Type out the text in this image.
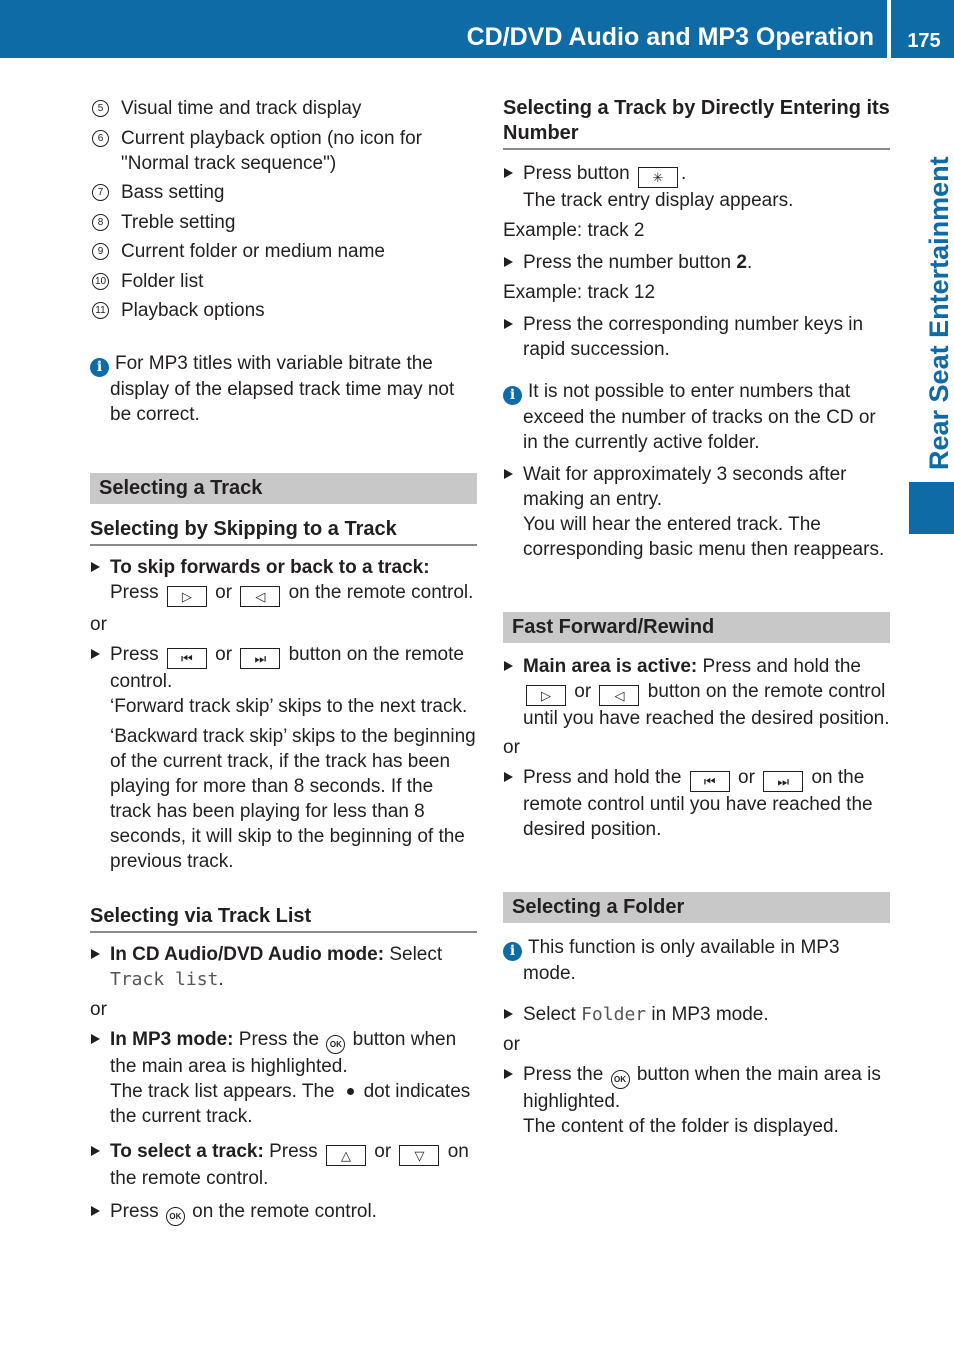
CD/DVD Audio and MP3 Operation	175
Rear Seat Entertainment
5 Visual time and track display
6 Current playback option (no icon for "Normal track sequence")
7 Bass setting
8 Treble setting
9 Current folder or medium name
10 Folder list
11 Playback options
i For MP3 titles with variable bitrate the display of the elapsed track time may not be correct.
Selecting a Track
Selecting by Skipping to a Track
To skip forwards or back to a track:
Press ▷ or ◁ on the remote control.
or
Press ⏮ or ⏭ button on the remote control.
‘Forward track skip’ skips to the next track.
‘Backward track skip’ skips to the beginning of the current track, if the track has been playing for more than 8 seconds. If the track has been playing for less than 8 seconds, it will skip to the beginning of the previous track.
Selecting via Track List
In CD Audio/DVD Audio mode: Select
Track list.
or
In MP3 mode: Press the OK button when the main area is highlighted.
The track list appears. The dot indicates the current track.
To select a track: Press △ or ▽ on the remote control.
Press OK on the remote control.
Selecting a Track by Directly Entering its Number
Press button ✳ .
The track entry display appears.
Example: track 2
Press the number button 2.
Example: track 12
Press the corresponding number keys in rapid succession.
i It is not possible to enter numbers that exceed the number of tracks on the CD or in the currently active folder.
Wait for approximately 3 seconds after making an entry.
You will hear the entered track. The corresponding basic menu then reappears.
Fast Forward/Rewind
Main area is active: Press and hold the ▷ or ◁ button on the remote control until you have reached the desired position.
or
Press and hold the ⏮ or ⏭ on the remote control until you have reached the desired position.
Selecting a Folder
i This function is only available in MP3 mode.
Select Folder in MP3 mode.
or
Press the OK button when the main area is highlighted.
The content of the folder is displayed.
